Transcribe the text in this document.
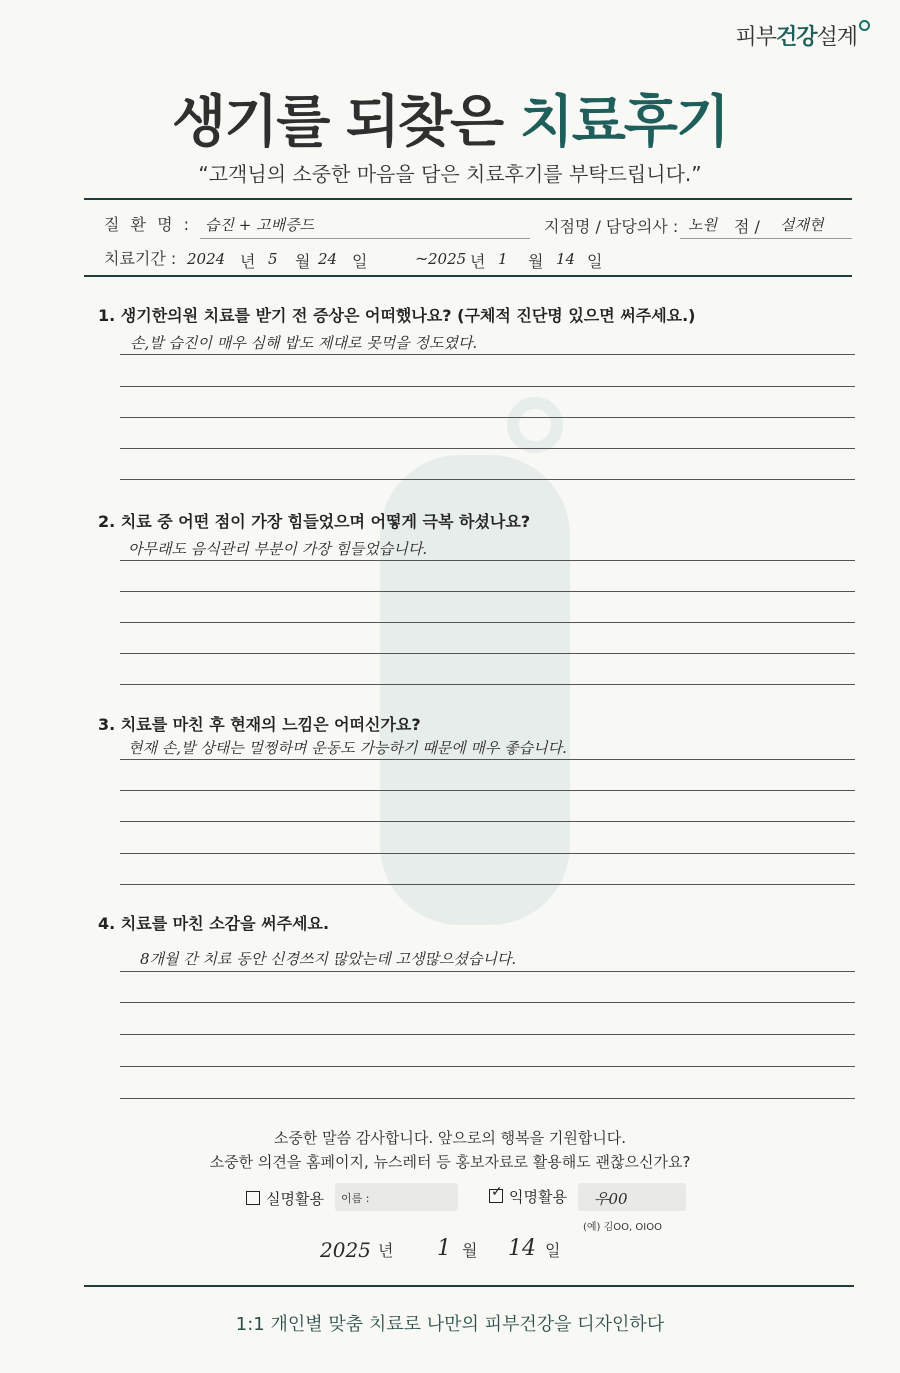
피부건강설계
생기를 되찾은 치료후기
“고객님의 소중한 마음을 담은 치료후기를 부탁드립니다.”
질 환 명 : 습진 + 고배증드	지점명 / 담당의사 : 노원 점 / 설재현
치료기간 : 2024 년 5 월 24 일	~ 2025 년 1 월 14 일
1. 생기한의원 치료를 받기 전 증상은 어떠했나요? (구체적 진단명 있으면 써주세요.)
손,발 습진이 매우 심해 밥도 제대로 못먹을 정도였다.
2. 치료 중 어떤 점이 가장 힘들었으며 어떻게 극복 하셨나요?
아무래도 음식관리 부분이 가장 힘들었습니다.
3. 치료를 마친 후 현재의 느낌은 어떠신가요?
현재 손,발 상태는 멀쩡하며 운동도 가능하기 때문에 매우 좋습니다.
4. 치료를 마친 소감을 써주세요.
8개월 간 치료 동안 신경쓰지 많았는데 고생많으셨습니다.
소중한 말씀 감사합니다. 앞으로의 행복을 기원합니다.
소중한 의견을 홈페이지, 뉴스레터 등 홍보자료로 활용해도 괜찮으신가요?
실명활용 이름 :	✓ 익명활용 우00
(예) 김OO, OIOO
2025 년 1 월 14 일
1:1 개인별 맞춤 치료로 나만의 피부건강을 디자인하다
